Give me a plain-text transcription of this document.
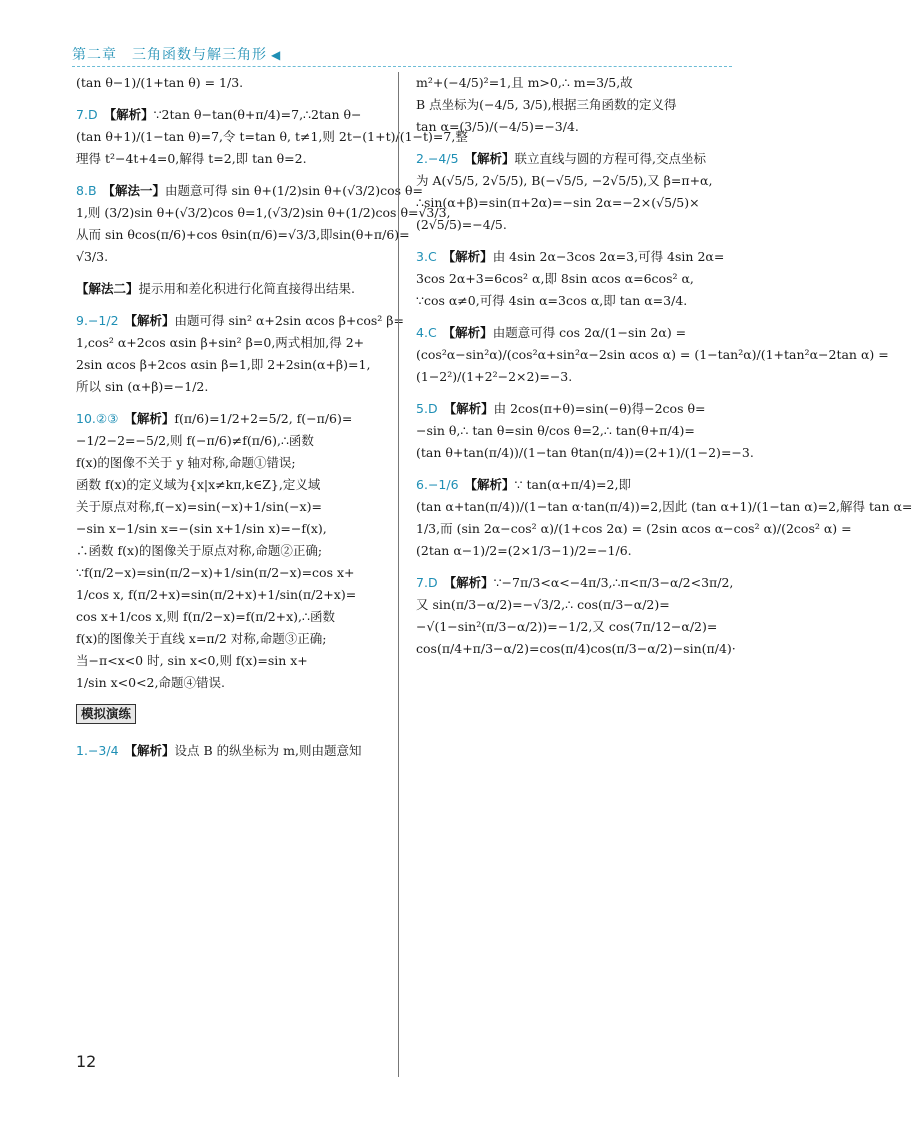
第二章　三角函数与解三角形 ◀
(tan θ−1)/(1+tan θ) = 1/3.
7.D 【解析】∵2tan θ−tan(θ+π/4)=7,∴2tan θ−
(tan θ+1)/(1−tan θ)=7,令 t=tan θ, t≠1,则 2t−(1+t)/(1−t)=7,整
理得 t²−4t+4=0,解得 t=2,即 tan θ=2.
8.B 【解法一】由题意可得 sin θ+(1/2)sin θ+(√3/2)cos θ=
1,则 (3/2)sin θ+(√3/2)cos θ=1,(√3/2)sin θ+(1/2)cos θ=√3/3,
从而 sin θcos(π/6)+cos θsin(π/6)=√3/3,即sin(θ+π/6)=
√3/3.
【解法二】提示用和差化积进行化简直接得出结果.
9.−1/2 【解析】由题可得 sin² α+2sin αcos β+cos² β=
1,cos² α+2cos αsin β+sin² β=0,两式相加,得 2+
2sin αcos β+2cos αsin β=1,即 2+2sin(α+β)=1,
所以 sin (α+β)=−1/2.
10.②③ 【解析】f(π/6)=1/2+2=5/2, f(−π/6)=
−1/2−2=−5/2,则 f(−π/6)≠f(π/6),∴函数
f(x)的图像不关于 y 轴对称,命题①错误;
函数 f(x)的定义域为{x|x≠kπ,k∈Z},定义域
关于原点对称,f(−x)=sin(−x)+1/sin(−x)=
−sin x−1/sin x=−(sin x+1/sin x)=−f(x),
∴函数 f(x)的图像关于原点对称,命题②正确;
∵f(π/2−x)=sin(π/2−x)+1/sin(π/2−x)=cos x+
1/cos x, f(π/2+x)=sin(π/2+x)+1/sin(π/2+x)=
cos x+1/cos x,则 f(π/2−x)=f(π/2+x),∴函数
f(x)的图像关于直线 x=π/2 对称,命题③正确;
当−π<x<0 时, sin x<0,则 f(x)=sin x+
1/sin x<0<2,命题④错误.
模拟演练
1.−3/4 【解析】设点 B 的纵坐标为 m,则由题意知
m²+(−4/5)²=1,且 m>0,∴ m=3/5,故
B 点坐标为(−4/5, 3/5),根据三角函数的定义得
tan α=(3/5)/(−4/5)=−3/4.
2.−4/5 【解析】联立直线与圆的方程可得,交点坐标
为 A(√5/5, 2√5/5), B(−√5/5, −2√5/5),又 β=π+α,
∴sin(α+β)=sin(π+2α)=−sin 2α=−2×(√5/5)×
(2√5/5)=−4/5.
3.C 【解析】由 4sin 2α−3cos 2α=3,可得 4sin 2α=
3cos 2α+3=6cos² α,即 8sin αcos α=6cos² α,
∵cos α≠0,可得 4sin α=3cos α,即 tan α=3/4.
4.C 【解析】由题意可得 cos 2α/(1−sin 2α) =
(cos²α−sin²α)/(cos²α+sin²α−2sin αcos α) = (1−tan²α)/(1+tan²α−2tan α) =
(1−2²)/(1+2²−2×2)=−3.
5.D 【解析】由 2cos(π+θ)=sin(−θ)得−2cos θ=
−sin θ,∴ tan θ=sin θ/cos θ=2,∴ tan(θ+π/4)=
(tan θ+tan(π/4))/(1−tan θtan(π/4))=(2+1)/(1−2)=−3.
6.−1/6 【解析】∵ tan(α+π/4)=2,即
(tan α+tan(π/4))/(1−tan α·tan(π/4))=2,因此 (tan α+1)/(1−tan α)=2,解得 tan α=
1/3,而 (sin 2α−cos² α)/(1+cos 2α) = (2sin αcos α−cos² α)/(2cos² α) =
(2tan α−1)/2=(2×1/3−1)/2=−1/6.
7.D 【解析】∵−7π/3<α<−4π/3,∴π<π/3−α/2<3π/2,
又 sin(π/3−α/2)=−√3/2,∴ cos(π/3−α/2)=
−√(1−sin²(π/3−α/2))=−1/2,又 cos(7π/12−α/2)=
cos(π/4+π/3−α/2)=cos(π/4)cos(π/3−α/2)−sin(π/4)·
12
